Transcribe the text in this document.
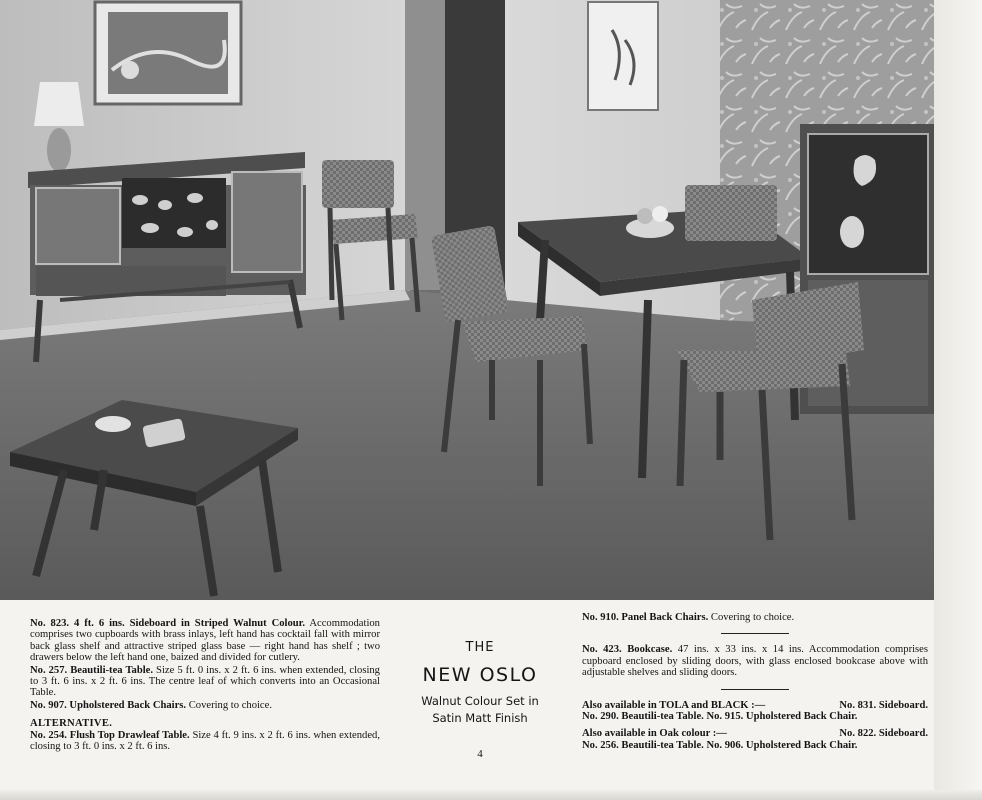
No. 823. 4 ft. 6 ins. Sideboard in Striped Walnut Colour. Accommodation comprises two cupboards with brass inlays, left hand has cocktail fall with mirror back glass shelf and attractive striped glass base — right hand has shelf ; two drawers below the left hand one, baized and divided for cutlery.

No. 257. Beautili-tea Table. Size 5 ft. 0 ins. x 2 ft. 6 ins. when extended, closing to 3 ft. 6 ins. x 2 ft. 6 ins. The centre leaf of which converts into an Occasional Table.

No. 907. Upholstered Back Chairs. Covering to choice.

ALTERNATIVE.

No. 254. Flush Top Drawleaf Table. Size 4 ft. 9 ins. x 2 ft. 6 ins. when extended, closing to 3 ft. 0 ins. x 2 ft. 6 ins.

THE
NEW OSLO
Walnut Colour Set in
Satin Matt Finish
4

No. 910. Panel Back Chairs. Covering to choice.

No. 423. Bookcase. 47 ins. x 33 ins. x 14 ins. Accommodation comprises cupboard enclosed by sliding doors, with glass enclosed bookcase above with adjustable shelves and sliding doors.

Also available in TOLA and BLACK :—	No. 831. Sideboard.

No. 290. Beautili-tea Table. No. 915. Upholstered Back Chair.

Also available in Oak colour :—	No. 822. Sideboard.

No. 256. Beautili-tea Table. No. 906. Upholstered Back Chair.
